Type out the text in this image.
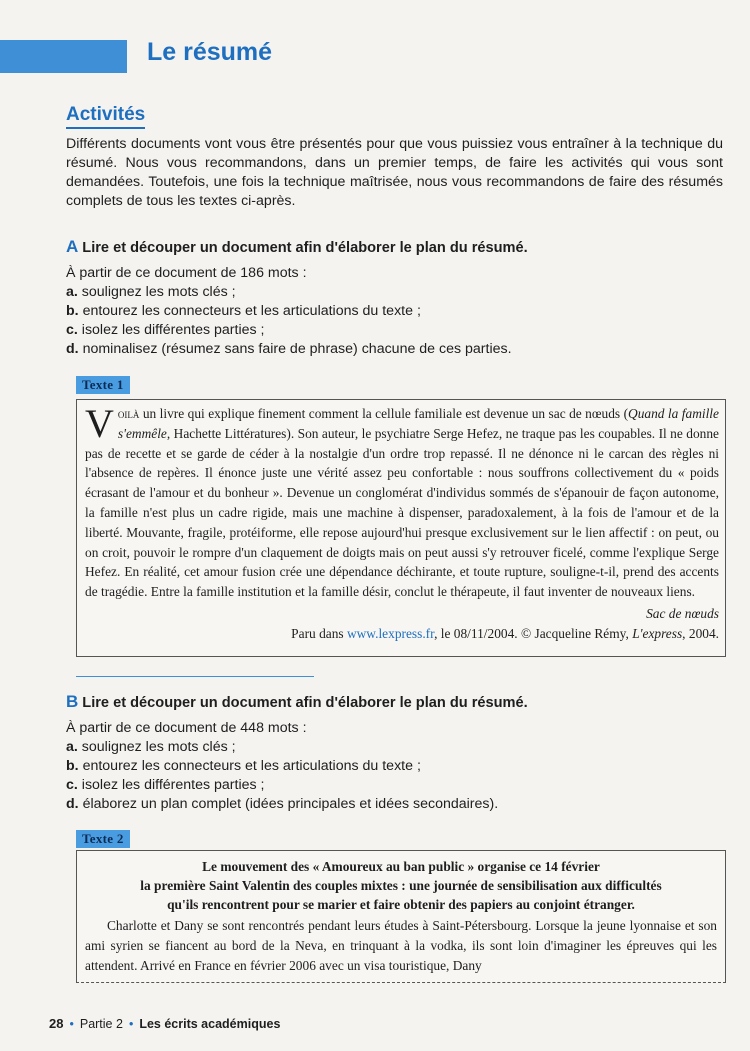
Le résumé
Activités

Différents documents vont vous être présentés pour que vous puissiez vous entraîner à la technique du résumé. Nous vous recommandons, dans un premier temps, de faire les activités qui vous sont demandées. Toutefois, une fois la technique maîtrisée, nous vous recommandons de faire des résumés complets de tous les textes ci-après.

A Lire et découper un document afin d'élaborer le plan du résumé.

À partir de ce document de 186 mots :
a. soulignez les mots clés ;
b. entourez les connecteurs et les articulations du texte ;
c. isolez les différentes parties ;
d. nominalisez (résumez sans faire de phrase) chacune de ces parties.
Texte 1

Voilà un livre qui explique finement comment la cellule familiale est devenue un sac de nœuds (Quand la famille s'emmêle, Hachette Littératures). Son auteur, le psychiatre Serge Hefez, ne traque pas les coupables. Il ne donne pas de recette et se garde de céder à la nostalgie d'un ordre trop repassé. Il ne dénonce ni le carcan des règles ni l'absence de repères. Il énonce juste une vérité assez peu confortable : nous souffrons collectivement du « poids écrasant de l'amour et du bonheur ». Devenue un conglomérat d'individus sommés de s'épanouir de façon autonome, la famille n'est plus un cadre rigide, mais une machine à dispenser, paradoxalement, à la fois de l'amour et de la liberté. Mouvante, fragile, protéiforme, elle repose aujourd'hui presque exclusivement sur le lien affectif : on peut, ou on croit, pouvoir le rompre d'un claquement de doigts mais on peut aussi s'y retrouver ficelé, comme l'explique Serge Hefez. En réalité, cet amour fusion crée une dépendance déchirante, et toute rupture, souligne-t-il, prend des accents de tragédie. Entre la famille institution et la famille désir, conclut le thérapeute, il faut inventer de nouveaux liens.

Sac de nœuds

Paru dans www.lexpress.fr, le 08/11/2004. © Jacqueline Rémy, L'express, 2004.

B Lire et découper un document afin d'élaborer le plan du résumé.

À partir de ce document de 448 mots :
a. soulignez les mots clés ;
b. entourez les connecteurs et les articulations du texte ;
c. isolez les différentes parties ;
d. élaborez un plan complet (idées principales et idées secondaires).
Texte 2

Le mouvement des « Amoureux au ban public » organise ce 14 février

la première Saint Valentin des couples mixtes : une journée de sensibilisation aux difficultés

qu'ils rencontrent pour se marier et faire obtenir des papiers au conjoint étranger.

Charlotte et Dany se sont rencontrés pendant leurs études à Saint-Pétersbourg. Lorsque la jeune lyonnaise et son ami syrien se fiancent au bord de la Neva, en trinquant à la vodka, ils sont loin d'imaginer les épreuves qui les attendent. Arrivé en France en février 2006 avec un visa touristique, Dany

28 • Partie 2 • Les écrits académiques
